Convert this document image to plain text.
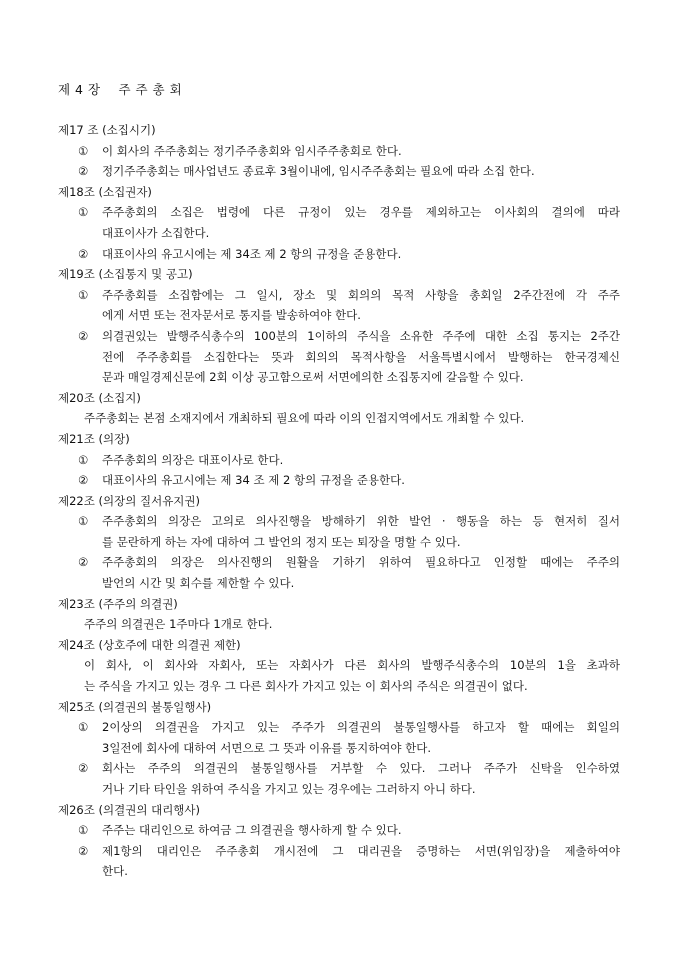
제 4 장    주 주 총 회
제17 조 (소집시기)
① 이 회사의 주주총회는 정기주주총회와 임시주주총회로 한다.
② 정기주주총회는 매사업년도 종료후 3월이내에, 임시주주총회는 필요에 따라 소집 한다.
제18조 (소집권자)
① 주주총회의 소집은 법령에 다른 규정이 있는 경우를 제외하고는 이사회의 결의에 따라
대표이사가 소집한다.
② 대표이사의 유고시에는 제 34조 제 2 항의 규정을 준용한다.
제19조 (소집통지 및 공고)
① 주주총회를 소집함에는 그 일시, 장소 및 회의의 목적 사항을 총회일 2주간전에 각 주주
에게 서면 또는 전자문서로 통지를 발송하여야 한다.
② 의결권있는 발행주식총수의 100분의 1이하의 주식을 소유한 주주에 대한 소집 통지는 2주간
전에 주주총회를 소집한다는 뜻과 회의의 목적사항을 서울특별시에서 발행하는 한국경제신
문과 매일경제신문에 2회 이상 공고함으로써 서면에의한 소집통지에 갈음할 수 있다.
제20조 (소집지)
주주총회는 본점 소재지에서 개최하되 필요에 따라 이의 인접지역에서도 개최할 수 있다.
제21조 (의장)
① 주주총회의 의장은 대표이사로 한다.
② 대표이사의 유고시에는 제 34 조 제 2 항의 규정을 준용한다.
제22조 (의장의 질서유지권)
① 주주총회의 의장은 고의로 의사진행을 방해하기 위한 발언 · 행동을 하는 등 현저히 질서
를 문란하게 하는 자에 대하여 그 발언의 정지 또는 퇴장을 명할 수 있다.
② 주주총회의 의장은 의사진행의 원활을 기하기 위하여 필요하다고 인정할 때에는 주주의
발언의 시간 및 회수를 제한할 수 있다.
제23조 (주주의 의결권)
주주의 의결권은 1주마다 1개로 한다.
제24조 (상호주에 대한 의결권 제한)
이 회사, 이 회사와 자회사, 또는 자회사가 다른 회사의 발행주식총수의 10분의 1을 초과하
는 주식을 가지고 있는 경우 그 다른 회사가 가지고 있는 이 회사의 주식은 의결권이 없다.
제25조 (의결권의 불통일행사)
① 2이상의 의결권을 가지고 있는 주주가 의결권의 불통일행사를 하고자 할 때에는 회일의
3일전에 회사에 대하여 서면으로 그 뜻과 이유를 통지하여야 한다.
② 회사는 주주의 의결권의 불통일행사를 거부할 수 있다. 그러나 주주가 신탁을 인수하였
거나 기타 타인을 위하여 주식을 가지고 있는 경우에는 그러하지 아니 하다.
제26조 (의결권의 대리행사)
① 주주는 대리인으로 하여금 그 의결권을 행사하게 할 수 있다.
② 제1항의 대리인은 주주총회 개시전에 그 대리권을 증명하는 서면(위임장)을 제출하여야
한다.
